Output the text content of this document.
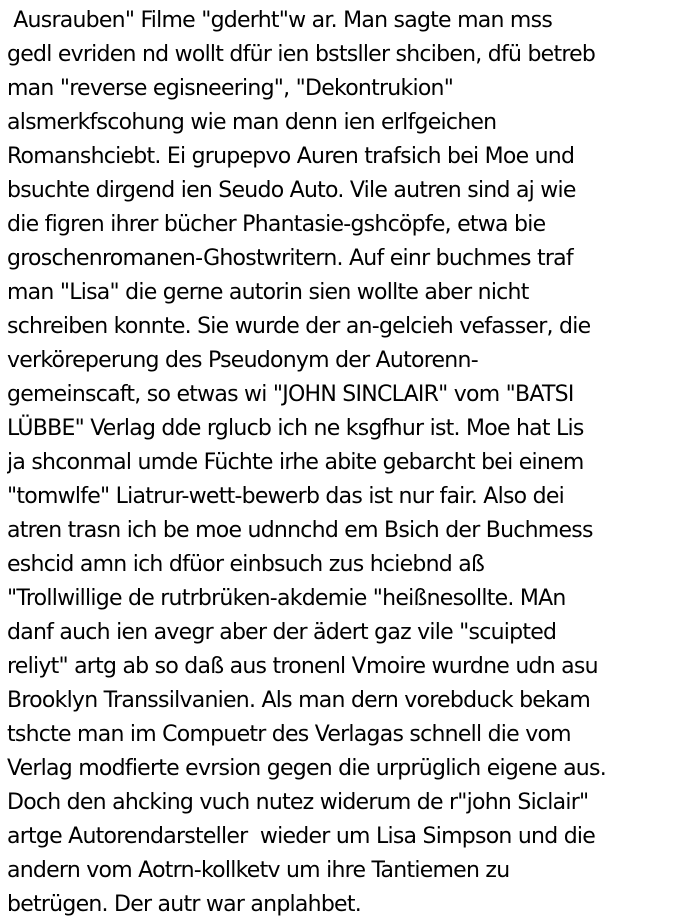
Ausrauben" Filme "gderht"w ar. Man sagte man mss
gedl evriden nd wollt dfür ien bstsller shciben, dfü betreb
man "reverse egisneering", "Dekontrukion"
alsmerkfscohung wie man denn ien erlfgeichen
Romanshciebt. Ei grupepvo Auren trafsich bei Moe und
bsuchte dirgend ien Seudo Auto. Vile autren sind aj wie
die figren ihrer bücher Phantasie-gshcöpfe, etwa bie
groschenromanen-Ghostwritern. Auf einr buchmes traf
man "Lisa" die gerne autorin sien wollte aber nicht
schreiben konnte. Sie wurde der an-gelcieh vefasser, die
verköreperung des Pseudonym der Autorenn-
gemeinscaft, so etwas wi "JOHN SINCLAIR" vom "BATSI
LÜBBE" Verlag dde rglucb ich ne ksgfhur ist. Moe hat Lis
ja shconmal umde Füchte irhe abite gebarcht bei einem
"tomwlfe" Liatrur-wett-bewerb das ist nur fair. Also dei
atren trasn ich be moe udnnchd em Bsich der Buchmess
eshcid amn ich dfüor einbsuch zus hciebnd aß
"Trollwillige de rutrbrüken-akdemie "heißnesollte. MAn
danf auch ien avegr aber der ädert gaz vile "scuipted
reliyt" artg ab so daß aus tronenl Vmoire wurdne udn asu
Brooklyn Transsilvanien. Als man dern vorebduck bekam
tshcte man im Compuetr des Verlagas schnell die vom
Verlag modfierte evrsion gegen die urprüglich eigene aus.
Doch den ahcking vuch nutez widerum de r"john Siclair"
artge Autorendarsteller  wieder um Lisa Simpson und die
andern vom Aotrn-kollketv um ihre Tantiemen zu
betrügen. Der autr war anplahbet.
